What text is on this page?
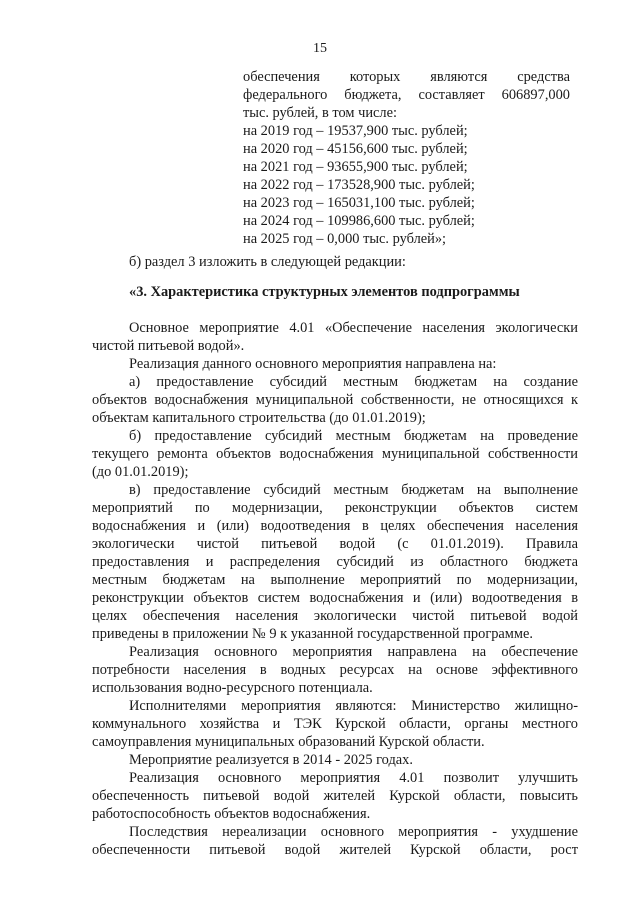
15
обеспечения которых являются средства
федерального бюджета, составляет 606897,000
тыс. рублей, в том числе:
на 2019 год – 19537,900 тыс. рублей;
на 2020 год – 45156,600 тыс. рублей;
на 2021 год – 93655,900 тыс. рублей;
на 2022 год – 173528,900 тыс. рублей;
на 2023 год – 165031,100 тыс. рублей;
на 2024 год – 109986,600 тыс. рублей;
на 2025 год – 0,000 тыс. рублей»;
б) раздел 3 изложить в следующей редакции:
«3. Характеристика структурных элементов подпрограммы
Основное мероприятие 4.01 «Обеспечение населения экологически
чистой питьевой водой».
Реализация данного основного мероприятия направлена на:
а) предоставление субсидий местным бюджетам на создание
объектов водоснабжения муниципальной собственности, не относящихся к
объектам капитального строительства (до 01.01.2019);
б) предоставление субсидий местным бюджетам на проведение
текущего ремонта объектов водоснабжения муниципальной собственности
(до 01.01.2019);
в) предоставление субсидий местным бюджетам на выполнение
мероприятий по модернизации, реконструкции объектов систем
водоснабжения и (или) водоотведения в целях обеспечения населения
экологически чистой питьевой водой (с 01.01.2019). Правила
предоставления и распределения субсидий из областного бюджета
местным бюджетам на выполнение мероприятий по модернизации,
реконструкции объектов систем водоснабжения и (или) водоотведения в
целях обеспечения населения экологически чистой питьевой водой
приведены в приложении № 9 к указанной государственной программе.
Реализация основного мероприятия направлена на обеспечение
потребности населения в водных ресурсах на основе эффективного
использования водно-ресурсного потенциала.
Исполнителями мероприятия являются: Министерство жилищно-
коммунального хозяйства и ТЭК Курской области, органы местного
самоуправления муниципальных образований Курской области.
Мероприятие реализуется в 2014 - 2025 годах.
Реализация основного мероприятия 4.01 позволит улучшить
обеспеченность питьевой водой жителей Курской области, повысить
работоспособность объектов водоснабжения.
Последствия нереализации основного мероприятия - ухудшение
обеспеченности питьевой водой жителей Курской области, рост
